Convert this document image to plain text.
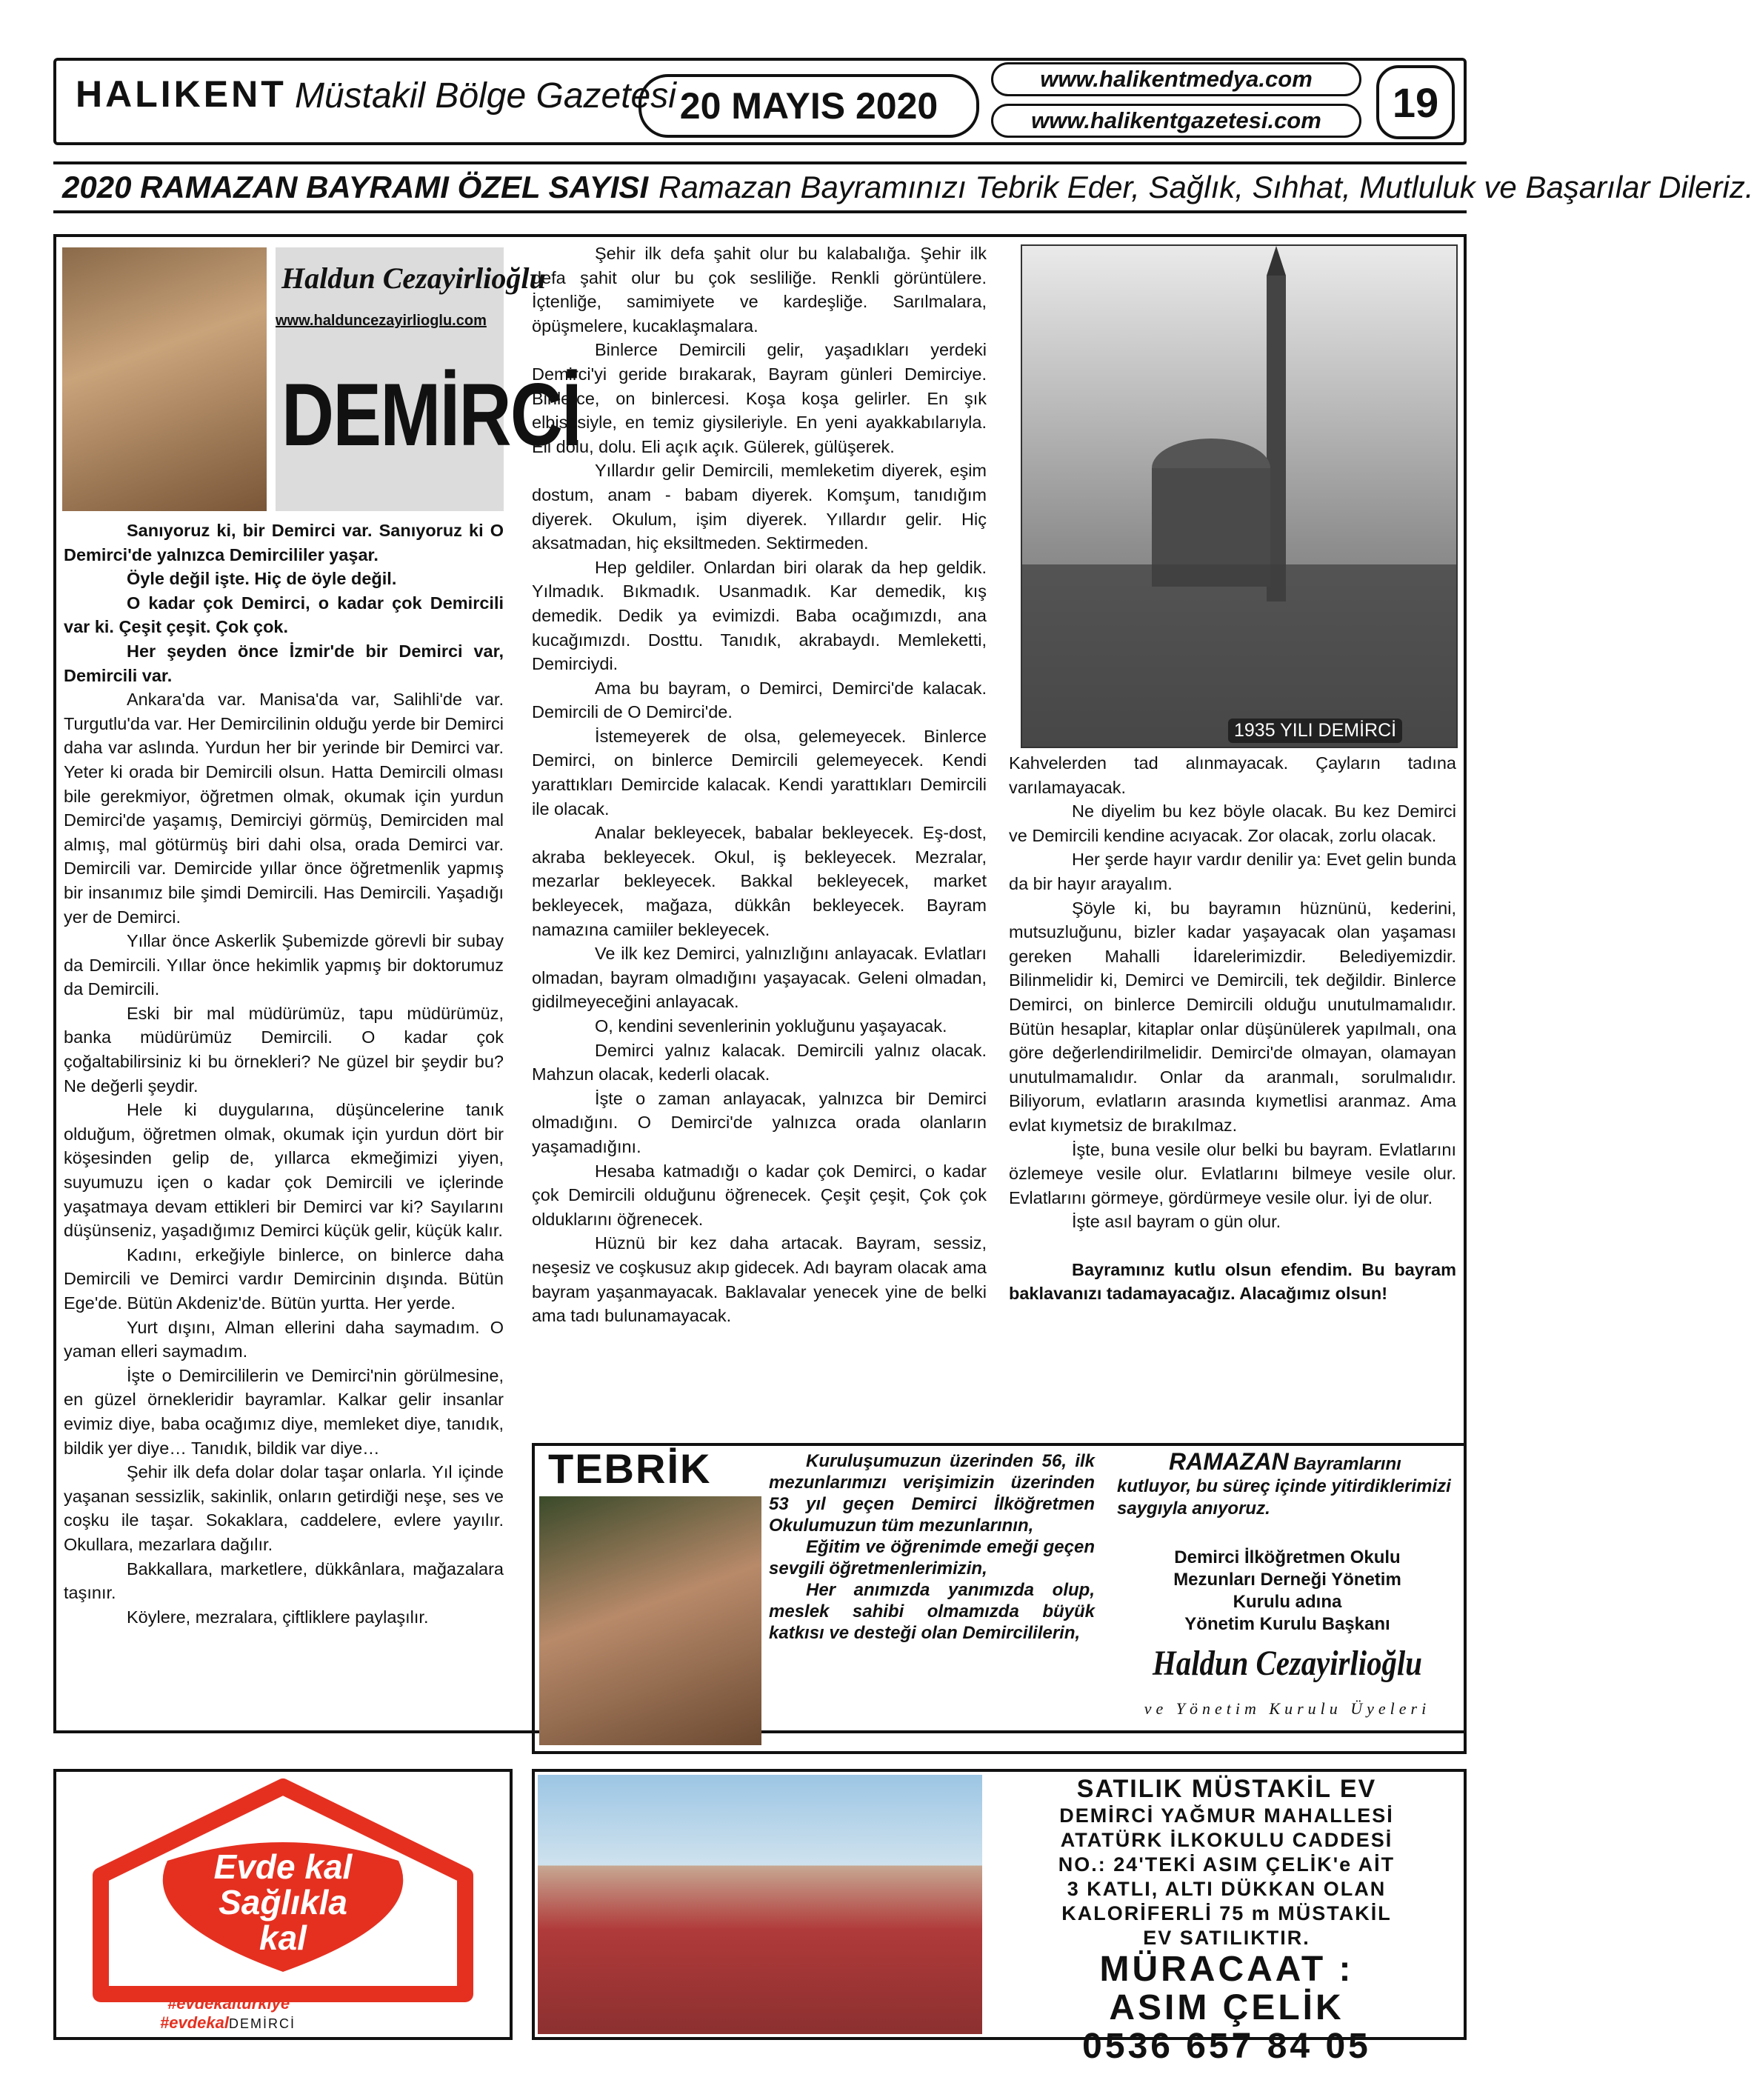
HALIKENT Müstakil Bölge Gazetesi 20 MAYIS 2020
www.halikentmedya.com
www.halikentgazetesi.com	19
2020 RAMAZAN BAYRAMI ÖZEL SAYISI Ramazan Bayramınızı Tebrik Eder, Sağlık, Sıhhat, Mutluluk ve Başarılar Dileriz.
Haldun Cezayirlioğlu
www.halduncezayirlioglu.com
DEMİRCİ

Sanıyoruz ki, bir Demirci var. Sanıyoruz ki O Demirci'de yalnızca Demircililer yaşar.

Öyle değil işte. Hiç de öyle değil.

O kadar çok Demirci, o kadar çok Demircili var ki. Çeşit çeşit. Çok çok.

Her şeyden önce İzmir'de bir Demirci var, Demircili var.

Ankara'da var. Manisa'da var, Salihli'de var. Turgutlu'da var. Her Demircilinin olduğu yerde bir Demirci daha var aslında. Yurdun her bir yerinde bir Demirci var. Yeter ki orada bir Demircili olsun. Hatta Demircili olması bile gerekmiyor, öğretmen olmak, okumak için yurdun Demirci'de yaşamış, Demirciyi görmüş, Demirciden mal almış, mal götürmüş biri dahi olsa, orada Demirci var. Demircili var. Demircide yıllar önce öğretmenlik yapmış bir insanımız bile şimdi Demircili. Has Demircili. Yaşadığı yer de Demirci.

Yıllar önce Askerlik Şubemizde görevli bir subay da Demircili. Yıllar önce hekimlik yapmış bir doktorumuz da Demircili.

Eski bir mal müdürümüz, tapu müdürümüz, banka müdürümüz Demircili. O kadar çok çoğaltabilirsiniz ki bu örnekleri? Ne güzel bir şeydir bu? Ne değerli şeydir.

Hele ki duygularına, düşüncelerine tanık olduğum, öğretmen olmak, okumak için yurdun dört bir köşesinden gelip de, yıllarca ekmeğimizi yiyen, suyumuzu içen o kadar çok Demircili ve içlerinde yaşatmaya devam ettikleri bir Demirci var ki? Sayılarını düşünseniz, yaşadığımız Demirci küçük gelir, küçük kalır.

Kadını, erkeğiyle binlerce, on binlerce daha Demircili ve Demirci vardır Demircinin dışında. Bütün Ege'de. Bütün Akdeniz'de. Bütün yurtta. Her yerde.

Yurt dışını, Alman ellerini daha saymadım. O yaman elleri saymadım.

İşte o Demircililerin ve Demirci'nin görülmesine, en güzel örnekleridir bayramlar. Kalkar gelir insanlar evimiz diye, baba ocağımız diye, memleket diye, tanıdık, bildik yer diye… Tanıdık, bildik var diye…

Şehir ilk defa dolar dolar taşar onlarla. Yıl içinde yaşanan sessizlik, sakinlik, onların getirdiği neşe, ses ve coşku ile taşar. Sokaklara, caddelere, evlere yayılır. Okullara, mezarlara dağılır.

Bakkallara, marketlere, dükkânlara, mağazalara taşınır.

Köylere, mezralara, çiftliklere paylaşılır.

Şehir ilk defa şahit olur bu kalabalığa. Şehir ilk defa şahit olur bu çok sesliliğe. Renkli görüntülere. İçtenliğe, samimiyete ve kardeşliğe. Sarılmalara, öpüşmelere, kucaklaşmalara.

Binlerce Demircili gelir, yaşadıkları yerdeki Demirci'yi geride bırakarak, Bayram günleri Demirciye. Binlerce, on binlercesi. Koşa koşa gelirler. En şık elbisesiyle, en temiz giysileriyle. En yeni ayakkabılarıyla. Eli dolu, dolu. Eli açık açık. Gülerek, gülüşerek.

Yıllardır gelir Demircili, memleketim diyerek, eşim dostum, anam - babam diyerek. Komşum, tanıdığım diyerek. Okulum, işim diyerek. Yıllardır gelir. Hiç aksatmadan, hiç eksiltmeden. Sektirmeden.

Hep geldiler. Onlardan biri olarak da hep geldik. Yılmadık. Bıkmadık. Usanmadık. Kar demedik, kış demedik. Dedik ya evimizdi. Baba ocağımızdı, ana kucağımızdı. Dosttu. Tanıdık, akrabaydı. Memleketti, Demirciydi.

Ama bu bayram, o Demirci, Demirci'de kalacak. Demircili de O Demirci'de.

İstemeyerek de olsa, gelemeyecek. Binlerce Demirci, on binlerce Demircili gelemeyecek. Kendi yarattıkları Demircide kalacak. Kendi yarattıkları Demircili ile olacak.

Analar bekleyecek, babalar bekleyecek. Eş-dost, akraba bekleyecek. Okul, iş bekleyecek. Mezralar, mezarlar bekleyecek. Bakkal bekleyecek, market bekleyecek, mağaza, dükkân bekleyecek. Bayram namazına camiiler bekleyecek.

Ve ilk kez Demirci, yalnızlığını anlayacak. Evlatları olmadan, bayram olmadığını yaşayacak. Geleni olmadan, gidilmeyeceğini anlayacak.

O, kendini sevenlerinin yokluğunu yaşayacak.

Demirci yalnız kalacak. Demircili yalnız olacak. Mahzun olacak, kederli olacak.

İşte o zaman anlayacak, yalnızca bir Demirci olmadığını. O Demirci'de yalnızca orada olanların yaşamadığını.

Hesaba katmadığı o kadar çok Demirci, o kadar çok Demircili olduğunu öğrenecek. Çeşit çeşit, Çok çok olduklarını öğrenecek.

Hüznü bir kez daha artacak. Bayram, sessiz, neşesiz ve coşkusuz akıp gidecek. Adı bayram olacak ama bayram yaşanmayacak. Baklavalar yenecek yine de belki ama tadı bulunamayacak.

1935 YILI DEMİRCİ

Kahvelerden tad alınmayacak. Çayların tadına varılamayacak.

Ne diyelim bu kez böyle olacak. Bu kez Demirci ve Demircili kendine acıyacak. Zor olacak, zorlu olacak.

Her şerde hayır vardır denilir ya: Evet gelin bunda da bir hayır arayalım.

Şöyle ki, bu bayramın hüznünü, kederini, mutsuzluğunu, bizler kadar yaşayacak olan yaşaması gereken Mahalli İdarelerimizdir. Belediyemizdir. Bilinmelidir ki, Demirci ve Demircili, tek değildir. Binlerce Demirci, on binlerce Demircili olduğu unutulmamalıdır. Bütün hesaplar, kitaplar onlar düşünülerek yapılmalı, ona göre değerlendirilmelidir. Demirci'de olmayan, olamayan unutulmamalıdır. Onlar da aranmalı, sorulmalıdır. Biliyorum, evlatların arasında kıymetlisi aranmaz. Ama evlat kıymetsiz de bırakılmaz.

İşte, buna vesile olur belki bu bayram. Evlatlarını özlemeye vesile olur. Evlatlarını bilmeye vesile olur. Evlatlarını görmeye, gördürmeye vesile olur. İyi de olur.

İşte asıl bayram o gün olur.

Bayramınız kutlu olsun efendim. Bu bayram baklavanızı tadamayacağız. Alacağımız olsun!

TEBRİK	Kuruluşumuzun üzerinden 56, ilk mezunlarımızı verişimizin üzerinden 53 yıl geçen Demirci İlköğretmen Okulumuzun tüm mezunlarının,

Eğitim ve öğrenimde emeği geçen sevgili öğretmenlerimizin,

Her anımızda yanımızda olup, meslek sahibi olmamızda büyük katkısı ve desteği olan Demircililerin,

RAMAZAN Bayramlarını kutluyor, bu süreç içinde yitirdiklerimizi saygıyla anıyoruz.
Demirci İlköğretmen Okulu
Mezunları Derneği Yönetim
Kurulu adına
Yönetim Kurulu Başkanı
Haldun Cezayirlioğlu
ve Yönetim Kurulu Üyeleri
Evde kal
Sağlıkla
kal
#evdekaltürkiye
#evdekalDEMİRCİ
SATILIK MÜSTAKİL EV
DEMİRCİ YAĞMUR MAHALLESİ
ATATÜRK İLKOKULU CADDESİ
NO.: 24'TEKİ ASIM ÇELİK'e AİT
3 KATLI, ALTI DÜKKAN OLAN
KALORİFERLİ 75 m MÜSTAKİL
EV SATILIKTIR.
MÜRACAAT :
ASIM ÇELİK
0536 657 84 05
